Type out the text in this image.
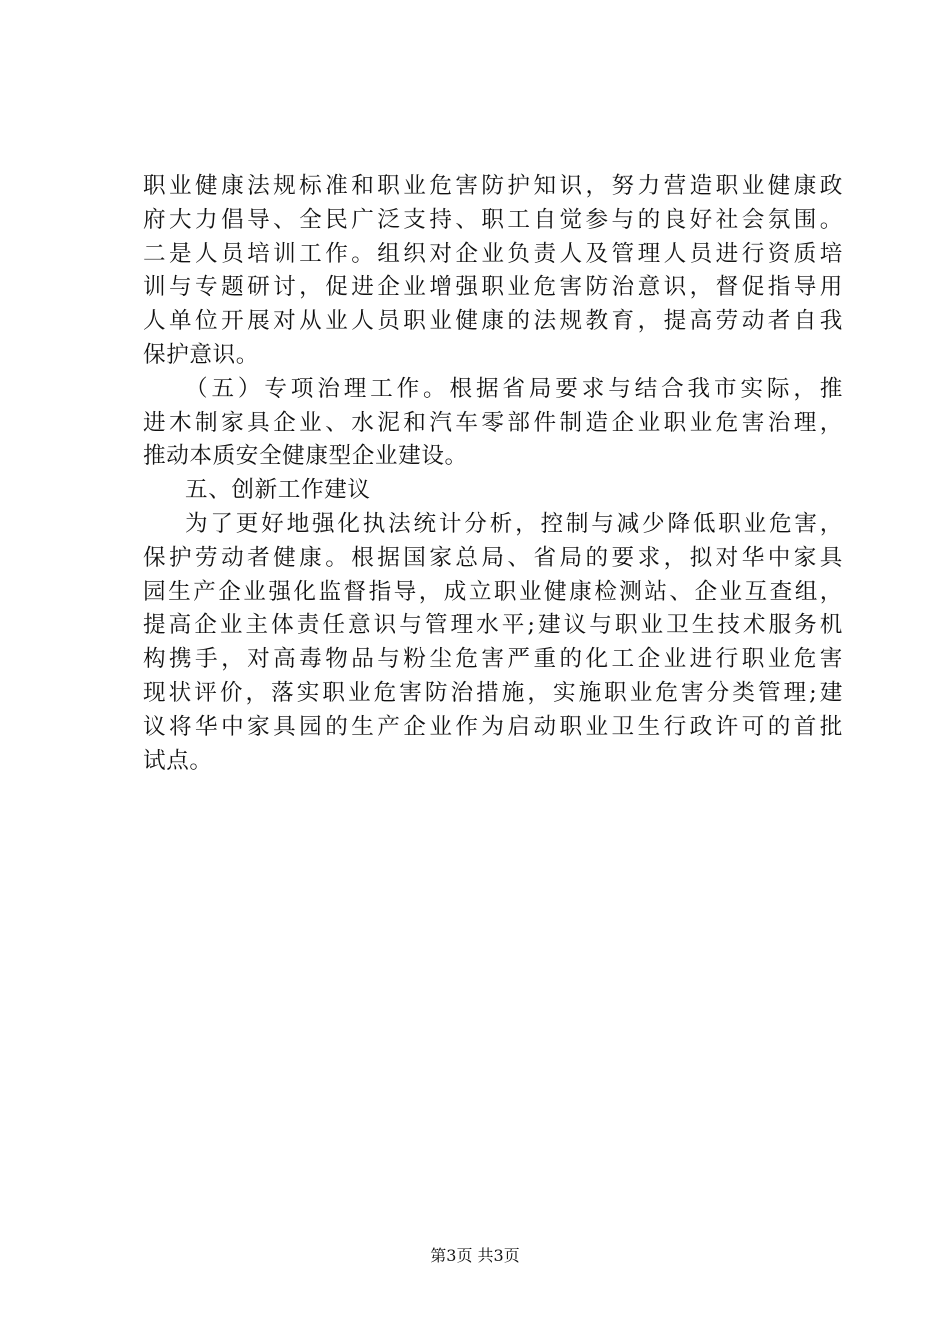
职业健康法规标准和职业危害防护知识，努力营造职业健康政
府大力倡导、全民广泛支持、职工自觉参与的良好社会氛围。
二是人员培训工作。组织对企业负责人及管理人员进行资质培
训与专题研讨，促进企业增强职业危害防治意识，督促指导用
人单位开展对从业人员职业健康的法规教育，提高劳动者自我
保护意识。
（五）专项治理工作。根据省局要求与结合我市实际，推
进木制家具企业、水泥和汽车零部件制造企业职业危害治理，
推动本质安全健康型企业建设。
五、创新工作建议
为了更好地强化执法统计分析，控制与减少降低职业危害，
保护劳动者健康。根据国家总局、省局的要求，拟对华中家具
园生产企业强化监督指导，成立职业健康检测站、企业互查组，
提高企业主体责任意识与管理水平;建议与职业卫生技术服务机
构携手，对高毒物品与粉尘危害严重的化工企业进行职业危害
现状评价，落实职业危害防治措施，实施职业危害分类管理;建
议将华中家具园的生产企业作为启动职业卫生行政许可的首批
试点。
第3页 共3页
